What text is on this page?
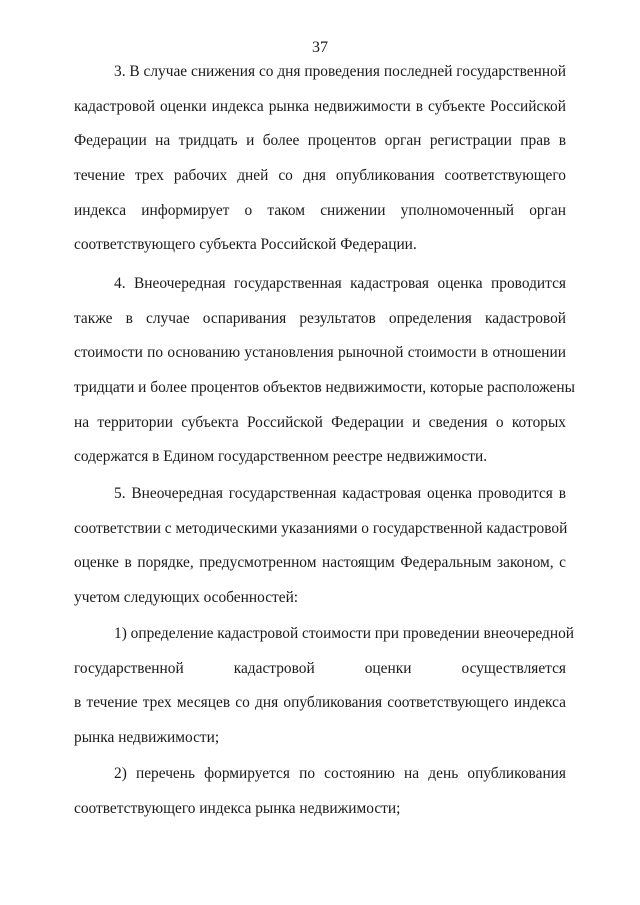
37
3. В случае снижения со дня проведения последней государственной
кадастровой оценки индекса рынка недвижимости в субъекте Российской
Федерации на тридцать и более процентов орган регистрации прав в
течение трех рабочих дней со дня опубликования соответствующего
индекса информирует о таком снижении уполномоченный орган
соответствующего субъекта Российской Федерации.
4. Внеочередная государственная кадастровая оценка проводится
также в случае оспаривания результатов определения кадастровой
стоимости по основанию установления рыночной стоимости в отношении
тридцати и более процентов объектов недвижимости, которые расположены
на территории субъекта Российской Федерации и сведения о которых
содержатся в Едином государственном реестре недвижимости.
5. Внеочередная государственная кадастровая оценка проводится в
соответствии с методическими указаниями о государственной кадастровой
оценке в порядке, предусмотренном настоящим Федеральным законом, с
учетом следующих особенностей:
1) определение кадастровой стоимости при проведении внеочередной
государственной кадастровой оценки осуществляется
в течение трех месяцев со дня опубликования соответствующего индекса
рынка недвижимости;
2) перечень формируется по состоянию на день опубликования
соответствующего индекса рынка недвижимости;
